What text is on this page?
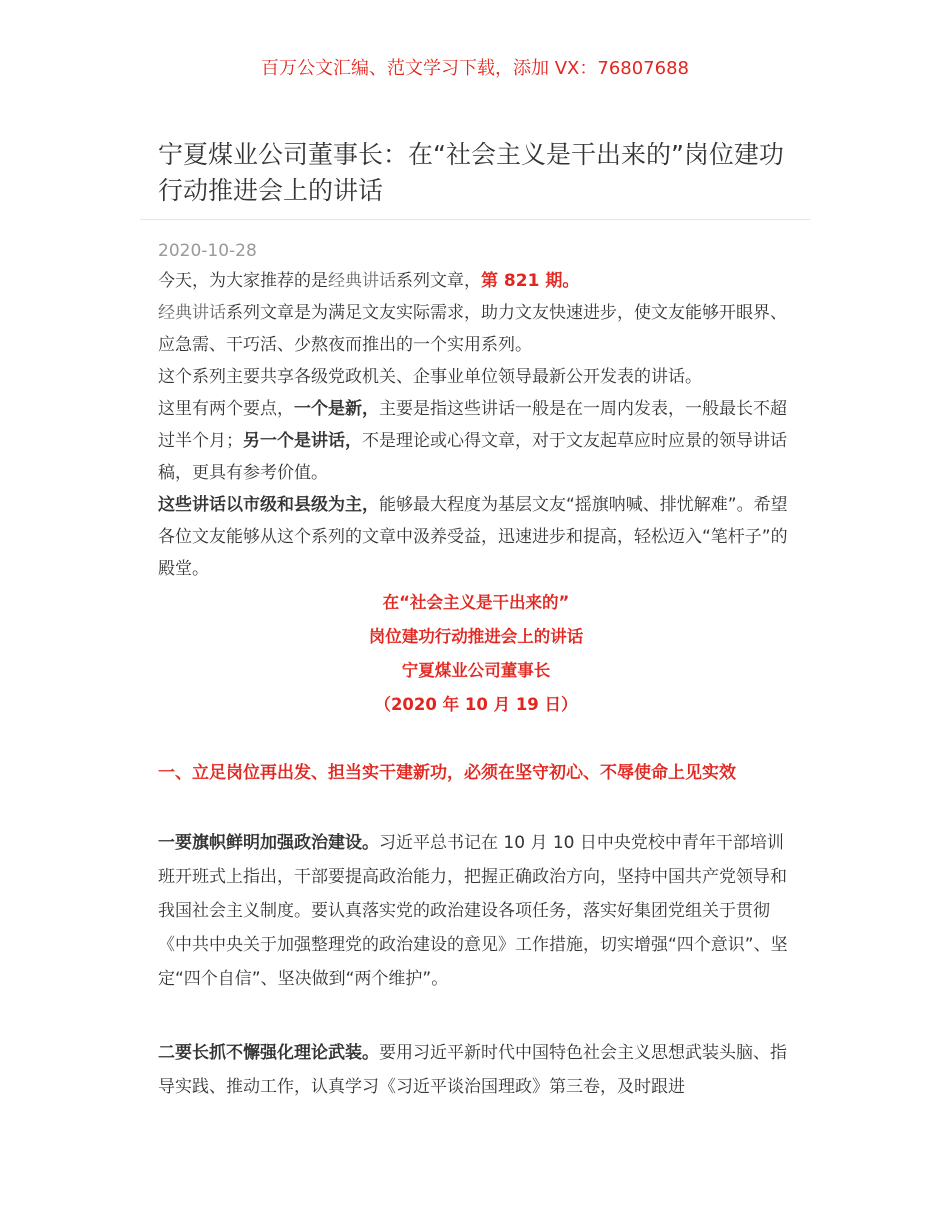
百万公文汇编、范文学习下载，添加 VX：76807688
宁夏煤业公司董事长：在“社会主义是干出来的”岗位建功行动推进会上的讲话
2020-10-28

今天，为大家推荐的是经典讲话系列文章，第 821 期。

经典讲话系列文章是为满足文友实际需求，助力文友快速进步，使文友能够开眼界、应急需、干巧活、少熬夜而推出的一个实用系列。

这个系列主要共享各级党政机关、企事业单位领导最新公开发表的讲话。

这里有两个要点，一个是新，主要是指这些讲话一般是在一周内发表，一般最长不超过半个月；另一个是讲话，不是理论或心得文章，对于文友起草应时应景的领导讲话稿，更具有参考价值。

这些讲话以市级和县级为主，能够最大程度为基层文友“摇旗呐喊、排忧解难”。希望各位文友能够从这个系列的文章中汲养受益，迅速进步和提高，轻松迈入“笔杆子”的殿堂。

在“社会主义是干出来的”
岗位建功行动推进会上的讲话
宁夏煤业公司董事长
（2020 年 10 月 19 日）
一、立足岗位再出发、担当实干建新功，必须在坚守初心、不辱使命上见实效

一要旗帜鲜明加强政治建设。习近平总书记在 10 月 10 日中央党校中青年干部培训班开班式上指出，干部要提高政治能力，把握正确政治方向，坚持中国共产党领导和我国社会主义制度。要认真落实党的政治建设各项任务，落实好集团党组关于贯彻《中共中央关于加强整理党的政治建设的意见》工作措施，切实增强“四个意识”、坚定“四个自信”、坚决做到“两个维护”。

二要长抓不懈强化理论武装。要用习近平新时代中国特色社会主义思想武装头脑、指导实践、推动工作，认真学习《习近平谈治国理政》第三卷，及时跟进
